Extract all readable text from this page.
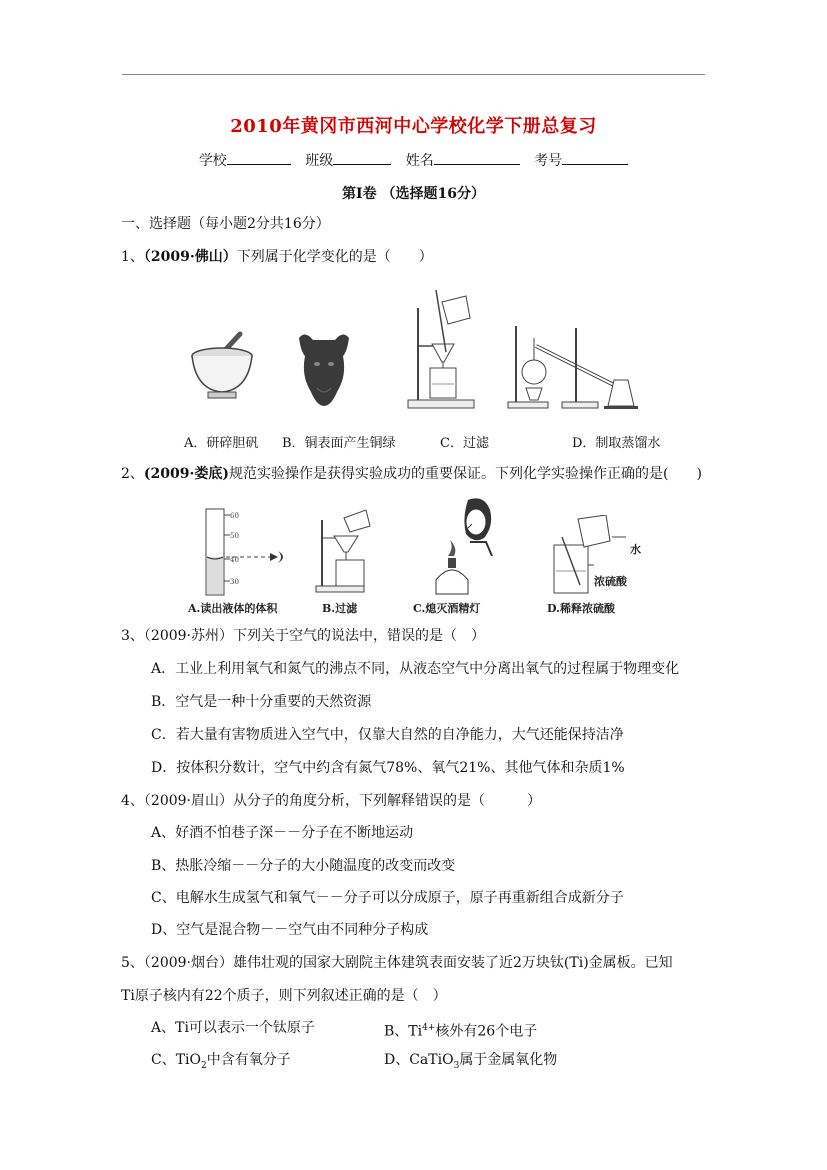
2010年黄冈市西河中心学校化学下册总复习
学校	班级	姓名	考号
第Ⅰ卷 （选择题16分）
一、选择题（每小题2分共16分）
1、（2009·佛山）下列属于化学变化的是（　　）
A．研碎胆矾 B．铜表面产生铜绿	C．过滤	D．制取蒸馏水
2、(2009·娄底)规范实验操作是获得实验成功的重要保证。下列化学实验操作正确的是(　　)
60
50
40
30
水
浓硫酸
A.读出液体的体积	B.过滤	C.熄灭酒精灯	D.稀释浓硫酸
3、（2009·苏州）下列关于空气的说法中，错误的是（　）
A．工业上利用氧气和氮气的沸点不同，从液态空气中分离出氧气的过程属于物理变化
B．空气是一种十分重要的天然资源
C．若大量有害物质进入空气中，仅靠大自然的自净能力，大气还能保持洁净
D．按体积分数计，空气中约含有氮气78%、氧气21%、其他气体和杂质1%
4、（2009·眉山）从分子的角度分析，下列解释错误的是（　　　）
A、好酒不怕巷子深－－分子在不断地运动
B、热胀冷缩－－分子的大小随温度的改变而改变
C、电解水生成氢气和氧气－－分子可以分成原子，原子再重新组合成新分子
D、空气是混合物－－空气由不同种分子构成
5、（2009·烟台）雄伟壮观的国家大剧院主体建筑表面安装了近2万块钛(Ti)金属板。已知
Ti原子核内有22个质子，则下列叙述正确的是（　）
A、Ti可以表示一个钛原子	B、$Ti^{4+}$核外有26个电子
C、TiO$_2$中含有氧分子	D、CaTiO$_3$属于金属氧化物
